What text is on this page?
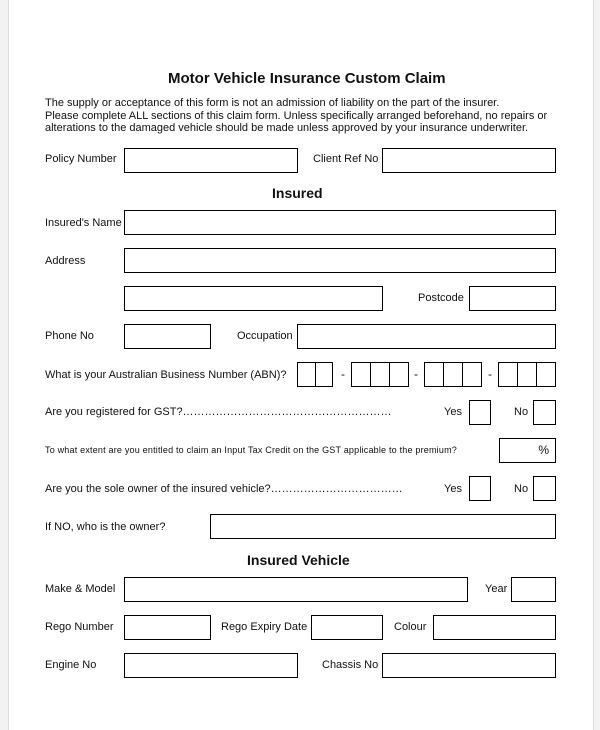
Motor Vehicle Insurance Custom Claim
The supply or acceptance of this form is not an admission of liability on the part of the insurer.
Please complete ALL sections of this claim form. Unless specifically arranged beforehand, no repairs or
alterations to the damaged vehicle should be made unless approved by your insurance underwriter.
Policy Number	Client Ref No
Insured
Insured's Name
Address
Postcode
Phone No	Occupation
What is your Australian Business Number (ABN)?	-	-	-
Are you registered for GST?…………………………………………………	Yes	No
To what extent are you entitled to claim an Input Tax Credit on the GST applicable to the premium?	%
Are you the sole owner of the insured vehicle?………………………………	Yes	No
If NO, who is the owner?
Insured Vehicle
Make & Model	Year
Rego Number	Rego Expiry Date	Colour
Engine No	Chassis No
